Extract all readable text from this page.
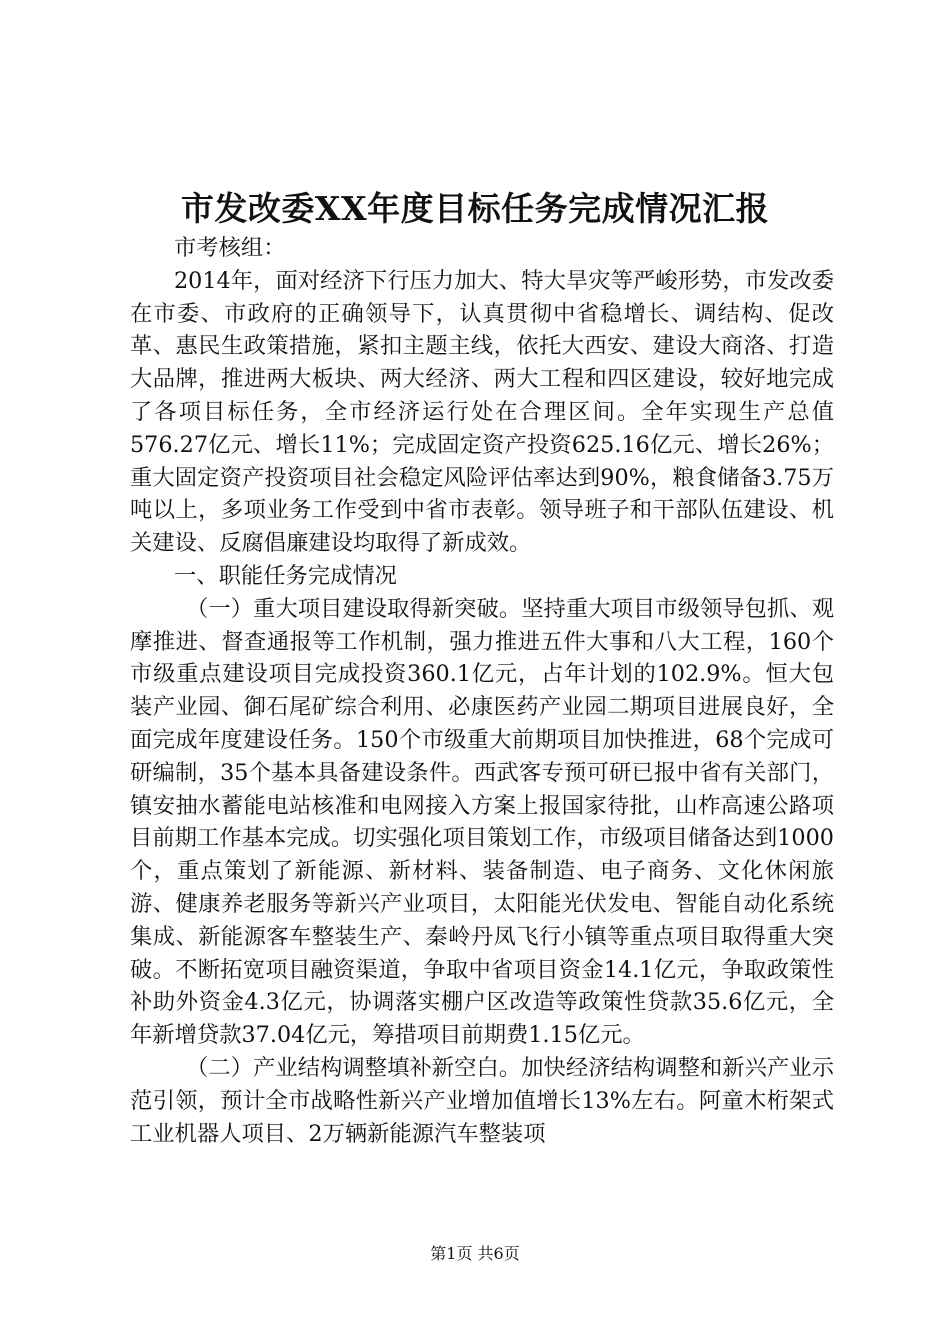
市发改委XX年度目标任务完成情况汇报

市考核组：

2014年，面对经济下行压力加大、特大旱灾等严峻形势，市发改委在市委、市政府的正确领导下，认真贯彻中省稳增长、调结构、促改革、惠民生政策措施，紧扣主题主线，依托大西安、建设大商洛、打造大品牌，推进两大板块、两大经济、两大工程和四区建设，较好地完成了各项目标任务，全市经济运行处在合理区间。全年实现生产总值576.27亿元、增长11%；完成固定资产投资625.16亿元、增长26%；重大固定资产投资项目社会稳定风险评估率达到90%，粮食储备3.75万吨以上，多项业务工作受到中省市表彰。领导班子和干部队伍建设、机关建设、反腐倡廉建设均取得了新成效。

一、职能任务完成情况

（一）重大项目建设取得新突破。坚持重大项目市级领导包抓、观摩推进、督查通报等工作机制，强力推进五件大事和八大工程，160个市级重点建设项目完成投资360.1亿元，占年计划的102.9%。恒大包装产业园、御石尾矿综合利用、必康医药产业园二期项目进展良好，全面完成年度建设任务。150个市级重大前期项目加快推进，68个完成可研编制，35个基本具备建设条件。西武客专预可研已报中省有关部门，镇安抽水蓄能电站核准和电网接入方案上报国家待批，山柞高速公路项目前期工作基本完成。切实强化项目策划工作，市级项目储备达到1000个，重点策划了新能源、新材料、装备制造、电子商务、文化休闲旅游、健康养老服务等新兴产业项目，太阳能光伏发电、智能自动化系统集成、新能源客车整装生产、秦岭丹凤飞行小镇等重点项目取得重大突破。不断拓宽项目融资渠道，争取中省项目资金14.1亿元，争取政策性补助外资金4.3亿元，协调落实棚户区改造等政策性贷款35.6亿元，全年新增贷款37.04亿元，筹措项目前期费1.15亿元。

（二）产业结构调整填补新空白。加快经济结构调整和新兴产业示范引领，预计全市战略性新兴产业增加值增长13%左右。阿童木桁架式工业机器人项目、2万辆新能源汽车整装项

第1页 共6页
